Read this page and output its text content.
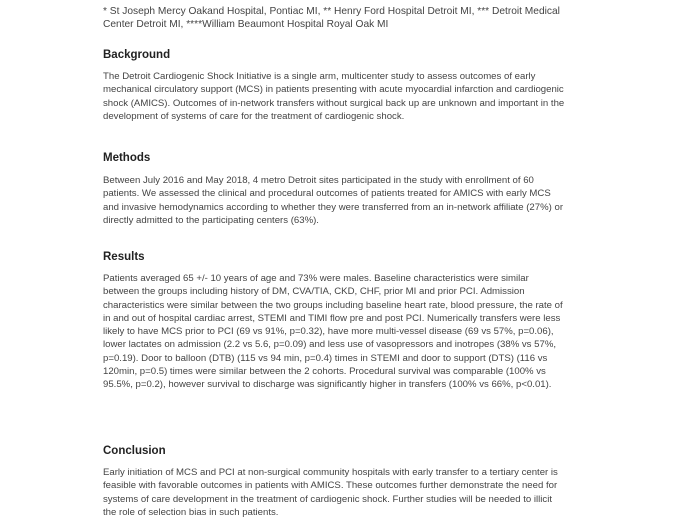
* St Joseph Mercy Oakand Hospital, Pontiac MI, ** Henry Ford Hospital Detroit MI, *** Detroit Medical Center Detroit MI, ****William Beaumont Hospital Royal Oak MI

Background

The Detroit Cardiogenic Shock Initiative is a single arm, multicenter study to assess outcomes of early mechanical circulatory support (MCS) in patients presenting with acute myocardial infarction and cardiogenic shock (AMICS). Outcomes of in-network transfers without surgical back up are unknown and important in the development of systems of care for the treatment of cardiogenic shock.

Methods

Between July 2016 and May 2018, 4 metro Detroit sites participated in the study with enrollment of 60 patients. We assessed the clinical and procedural outcomes of patients treated for AMICS with early MCS and invasive hemodynamics according to whether they were transferred from an in-network affiliate (27%) or directly admitted to the participating centers (63%).

Results

Patients averaged 65 +/- 10 years of age and 73% were males. Baseline characteristics were similar between the groups including history of DM, CVA/TIA, CKD, CHF, prior MI and prior PCI. Admission characteristics were similar between the two groups including baseline heart rate, blood pressure, the rate of in and out of hospital cardiac arrest, STEMI and TIMI flow pre and post PCI. Numerically transfers were less likely to have MCS prior to PCI (69 vs 91%, p=0.32), have more multi-vessel disease (69 vs 57%, p=0.06), lower lactates on admission (2.2 vs 5.6, p=0.09) and less use of vasopressors and inotropes (38% vs 57%, p=0.19). Door to balloon (DTB) (115 vs 94 min, p=0.4) times in STEMI and door to support (DTS) (116 vs 120min, p=0.5) times were similar between the 2 cohorts. Procedural survival was comparable (100% vs 95.5%, p=0.2), however survival to discharge was significantly higher in transfers (100% vs 66%, p<0.01).

Conclusion

Early initiation of MCS and PCI at non-surgical community hospitals with early transfer to a tertiary center is feasible with favorable outcomes in patients with AMICS. These outcomes further demonstrate the need for systems of care development in the treatment of cardiogenic shock. Further studies will be needed to illicit the role of selection bias in such patients.
